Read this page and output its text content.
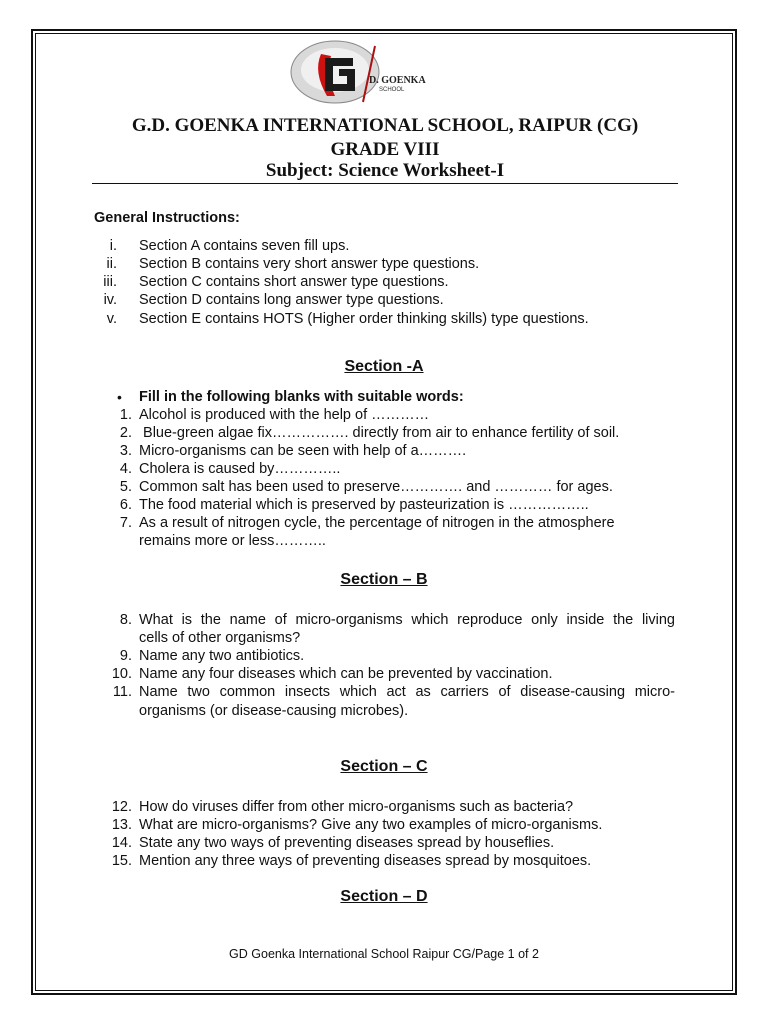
D. GOENKA
SCHOOL
G.D. GOENKA INTERNATIONAL SCHOOL, RAIPUR (CG)
GRADE VIII
Subject: Science Worksheet-I
General Instructions:
i. Section A contains seven fill ups.
ii. Section B contains very short answer type questions.
iii. Section C contains short answer type questions.
iv. Section D contains long answer type questions.
v. Section E contains HOTS (Higher order thinking skills) type questions.
Section -A
• Fill in the following blanks with suitable words:
1. Alcohol is produced with the help of …………
2. Blue-green algae fix……………. directly from air to enhance fertility of soil.
3. Micro-organisms can be seen with help of a……….
4. Cholera is caused by…………..
5. Common salt has been used to preserve…………. and ………… for ages.
6. The food material which is preserved by pasteurization is ……………..
7. As a result of nitrogen cycle, the percentage of nitrogen in the atmosphere
remains more or less………..
Section – B
8. What is the name of micro-organisms which reproduce only inside the living
cells of other organisms?
9. Name any two antibiotics.
10. Name any four diseases which can be prevented by vaccination.
11. Name two common insects which act as carriers of disease-causing micro-
organisms (or disease-causing microbes).
Section – C
12. How do viruses differ from other micro-organisms such as bacteria?
13. What are micro-organisms? Give any two examples of micro-organisms.
14. State any two ways of preventing diseases spread by houseflies.
15. Mention any three ways of preventing diseases spread by mosquitoes.
Section – D
GD Goenka International School Raipur CG/Page 1 of 2
